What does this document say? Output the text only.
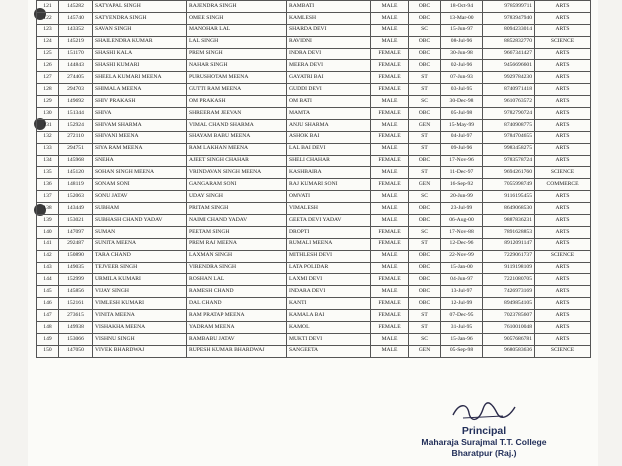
121	145282	SATYAPAL SINGH	RAJENDRA SINGH	RAMBATI	MALE	OBC	18-Oct-94	9785999711	ARTS
122	145740	SATYENDRA SINGH	OMEE SINGH	KAMLESH	MALE	OBC	13-Mar-00	9783947940	ARTS
123	143352	SAVAN SINGH	MANOHAR LAL	SHARDA DEVI	MALE	SC	15-Jun-97	8094233014	ARTS
124	145219	SHAILENDRA KUMAR	LAL SINGH	RAVIDNI	MALE	OBC	08-Jul-96	8852832770	SCIENCE
125	151170	SHASHI KALA	PREM SINGH	INDRA DEVI	FEMALE	OBC	30-Jun-98	9667341427	ARTS
126	144843	SHASHI KUMARI	NAHAR SINGH	MEERA DEVI	FEMALE	OBC	02-Jul-96	9456696601	ARTS
127	274405	SHEELA KUMARI MEENA	PURUSHOTAM MEENA	GAYATRI BAI	FEMALE	ST	07-Jun-93	9929784230	ARTS
128	294703	SHIMALA MEENA	GUTTI RAM MEENA	GUDDI DEVI	FEMALE	ST	03-Jul-95	8740971418	ARTS
129	149692	SHIV PRAKASH	OM PRAKASH	OM BATI	MALE	SC	30-Dec-98	9610763572	ARTS
130	151344	SHIVA	SHREERAM JEEVAN	MAMTA	FEMALE	OBC	05-Jul-98	9782790724	ARTS
131	152924	SHIVAM SHARMA	VIMAL CHAND SHARMA	ANJU SHARMA	MALE	GEN	15-May-99	8740908775	ARTS
132	272110	SHIVANI MEENA	SHAYAM BABU MEENA	ASHOK BAI	FEMALE	ST	04-Jul-97	9784704655	ARTS
133	294751	SIYA RAM MEENA	RAM LAKHAN MEENA	LAL BAI DEVI	MALE	ST	09-Jul-96	9983458275	ARTS
134	145968	SNEHA	AJEET SINGH CHAHAR	SHELI CHAHAR	FEMALE	OBC	17-Nov-96	9783578724	ARTS
135	145120	SOHAN SINGH MEENA	VRINDAVAN SINGH MEENA	KASHBAIRA	MALE	ST	11-Dec-97	9694261760	SCIENCE
136	148119	SONAM SONI	GANGARAM SONI	RAJ KUMARI SONI	FEMALE	GEN	16-Sep-92	7055998749	COMMERCE
137	152063	SONU JATAV	UDAY SINGH	OMVATI	MALE	SC	20-Jun-99	9116195455	ARTS
138	143449	SUBHAM	PRITAM SINGH	VIMALESH	MALE	OBC	23-Jul-99	8649068530	ARTS
139	153021	SUBHASH CHAND YADAV	NAIMI CHAND YADAV	GEETA DEVI YADAV	MALE	OBC	06-Aug-00	9887836231	ARTS
140	147097	SUMAN	PEETAM SINGH	DROPTI	FEMALE	SC	17-Nov-88	7891628853	ARTS
141	292487	SUNITA MEENA	PREM RAJ MEENA	RUMALI MEENA	FEMALE	ST	12-Dec-96	8912091147	ARTS
142	150890	TARA CHAND	LAXMAN SINGH	MITHLESH DEVI	MALE	OBC	22-Nov-99	7229061737	SCIENCE
143	149035	TEJVEER SINGH	VIRENDRA SINGH	LATA POLIDAR	MALE	OBC	15-Jan-00	9119198109	ARTS
144	152999	URMILA KUMARI	ROSHAN LAL	LAXMI DEVI	FEMALE	OBC	04-Jun-97	7221080705	ARTS
145	145856	VIJAY SINGH	RAMESH CHAND	INDARA DEVI	MALE	OBC	13-Jul-97	7426973169	ARTS
146	152161	VIMLESH KUMARI	DAL CHAND	KANTI	FEMALE	OBC	12-Jul-99	8949854105	ARTS
147	273615	VINITA MEENA	RAM PRATAP MEENA	KAMALA BAI	FEMALE	ST	07-Dec-95	7023785607	ARTS
148	149938	VISHAKHA MEENA	YADRAM MEENA	KAMOL	FEMALE	ST	31-Jul-95	7610010048	ARTS
149	153066	VISHNU SINGH	RAMBABU JATAV	MUKTI DEVI	MALE	SC	15-Jan-96	9057686781	ARTS
150	147050	VIVEK BHARDWAJ	RUPESH KUMAR BHARDWAJ	SANGEETA	MALE	GEN	05-Sep-98	9680583636	SCIENCE
Principal
Maharaja Surajmal T.T. College
Bharatpur (Raj.)
